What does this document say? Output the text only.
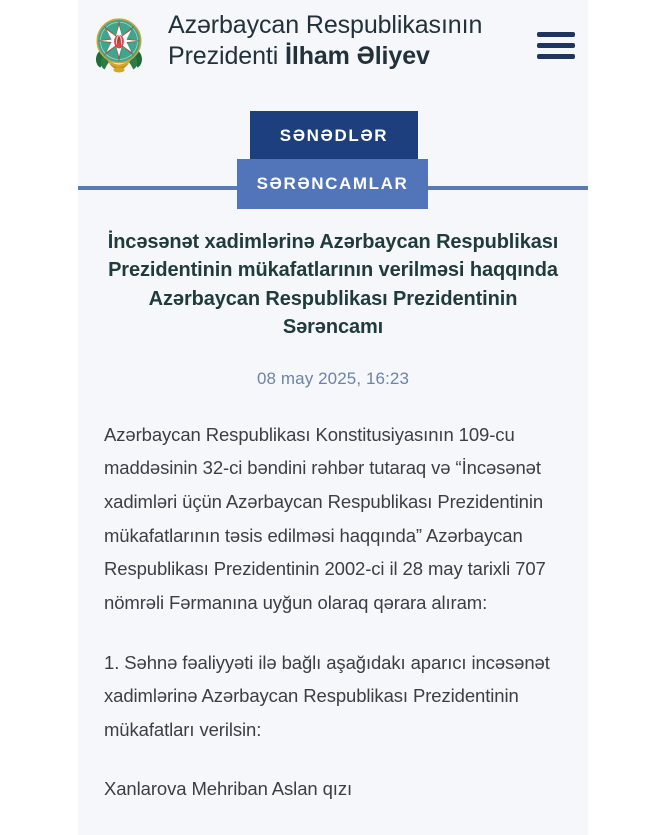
Azərbaycan Respublikasının
Prezidenti İlham Əliyev
SƏNƏDLƏR
SƏRƏNCAMLAR
İncəsənət xadimlərinə Azərbaycan Respublikası Prezidentinin mükafatlarının verilməsi haqqında Azərbaycan Respublikası Prezidentinin Sərəncamı
08 may 2025, 16:23

Azərbaycan Respublikası Konstitusiyasının 109-cu maddəsinin 32-ci bəndini rəhbər tutaraq və “İncəsənət xadimləri üçün Azərbaycan Respublikası Prezidentinin mükafatlarının təsis edilməsi haqqında” Azərbaycan Respublikası Prezidentinin 2002-ci il 28 may tarixli 707 nömrəli Fərmanına uyğun olaraq qərara alıram:

1. Səhnə fəaliyyəti ilə bağlı aşağıdakı aparıcı incəsənət xadimlərinə Azərbaycan Respublikası Prezidentinin mükafatları verilsin:

Xanlarova Mehriban Aslan qızı
